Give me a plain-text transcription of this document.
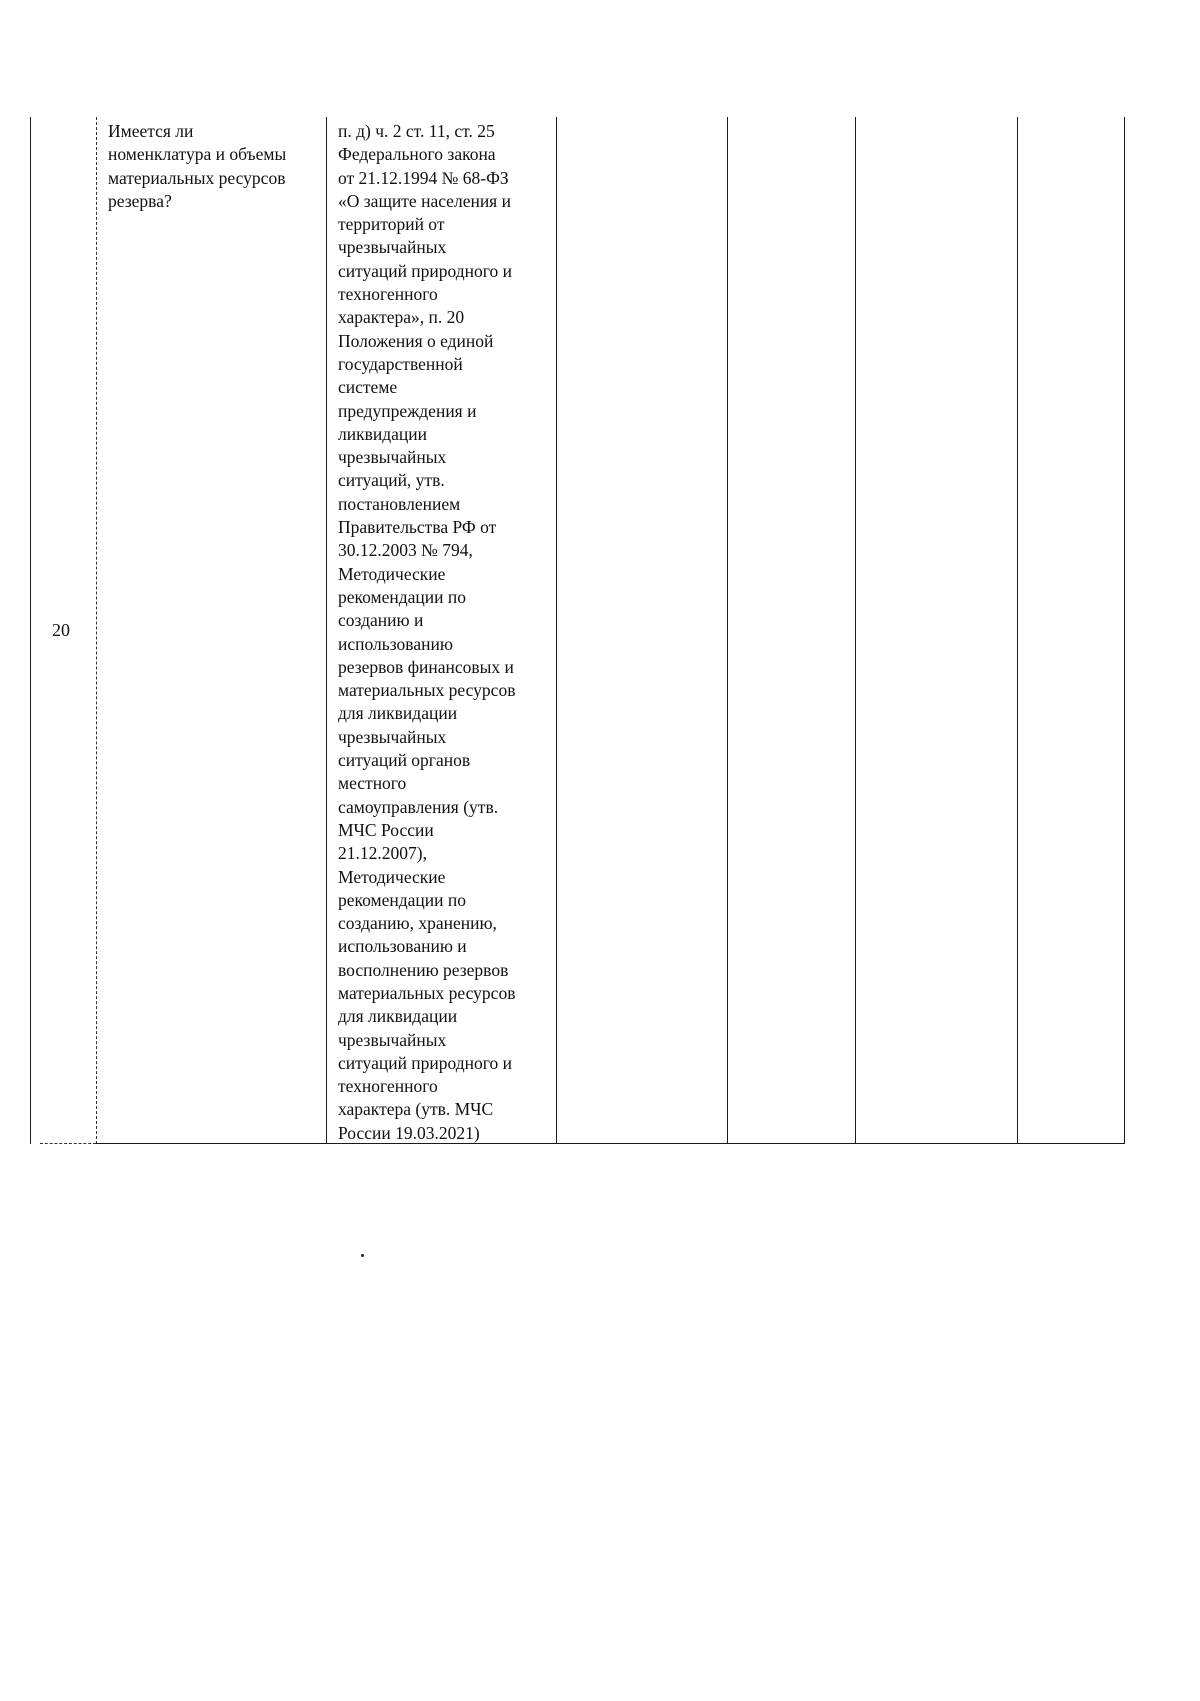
20
Имеется ли
номенклатура и объемы
материальных ресурсов
резерва?
п. д) ч. 2 ст. 11, ст. 25
Федерального закона
от 21.12.1994 № 68-ФЗ
«О защите населения и
территорий от
чрезвычайных
ситуаций природного и
техногенного
характера», п. 20
Положения о единой
государственной
системе
предупреждения и
ликвидации
чрезвычайных
ситуаций, утв.
постановлением
Правительства РФ от
30.12.2003 № 794,
Методические
рекомендации по
созданию и
использованию
резервов финансовых и
материальных ресурсов
для ликвидации
чрезвычайных
ситуаций органов
местного
самоуправления (утв.
МЧС России
21.12.2007),
Методические
рекомендации по
созданию, хранению,
использованию и
восполнению резервов
материальных ресурсов
для ликвидации
чрезвычайных
ситуаций природного и
техногенного
характера (утв. МЧС
России 19.03.2021)
